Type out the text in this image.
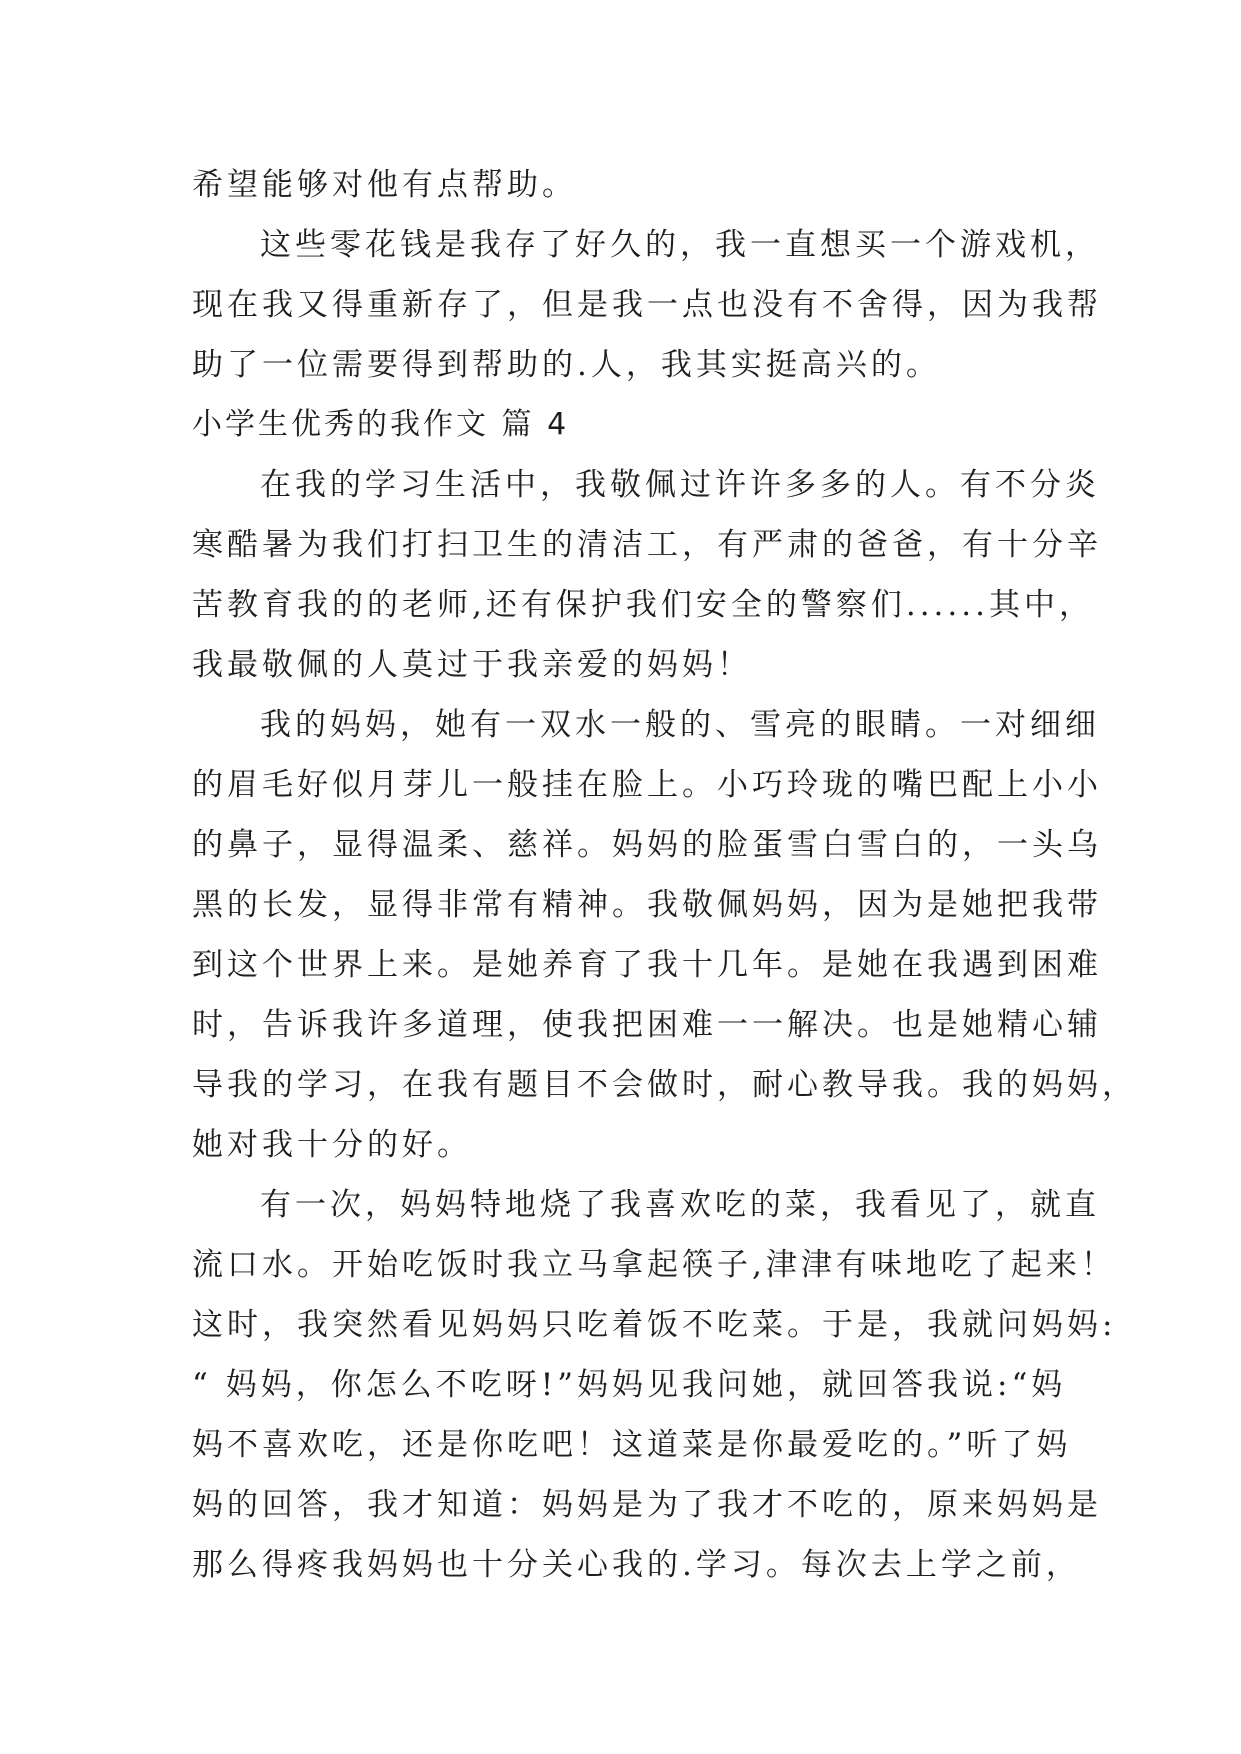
希望能够对他有点帮助。
这些零花钱是我存了好久的，我一直想买一个游戏机，
现在我又得重新存了，但是我一点也没有不舍得，因为我帮
助了一位需要得到帮助的.人，我其实挺高兴的。
小学生优秀的我作文 篇 4
在我的学习生活中，我敬佩过许许多多的人。有不分炎
寒酷暑为我们打扫卫生的清洁工，有严肃的爸爸，有十分辛
苦教育我的的老师,还有保护我们安全的警察们......其中，
我最敬佩的人莫过于我亲爱的妈妈！
我的妈妈，她有一双水一般的、雪亮的眼睛。一对细细
的眉毛好似月芽儿一般挂在脸上。小巧玲珑的嘴巴配上小小
的鼻子，显得温柔、慈祥。妈妈的脸蛋雪白雪白的，一头乌
黑的长发，显得非常有精神。我敬佩妈妈，因为是她把我带
到这个世界上来。是她养育了我十几年。是她在我遇到困难
时，告诉我许多道理，使我把困难一一解决。也是她精心辅
导我的学习，在我有题目不会做时，耐心教导我。我的妈妈，
她对我十分的好。
有一次，妈妈特地烧了我喜欢吃的菜，我看见了，就直
流口水。开始吃饭时我立马拿起筷子,津津有味地吃了起来！
这时，我突然看见妈妈只吃着饭不吃菜。于是，我就问妈妈:
“ 妈妈，你怎么不吃呀!”妈妈见我问她，就回答我说:“妈
妈不喜欢吃，还是你吃吧！这道菜是你最爱吃的。”听了妈
妈的回答，我才知道：妈妈是为了我才不吃的，原来妈妈是
那么得疼我妈妈也十分关心我的.学习。每次去上学之前，
